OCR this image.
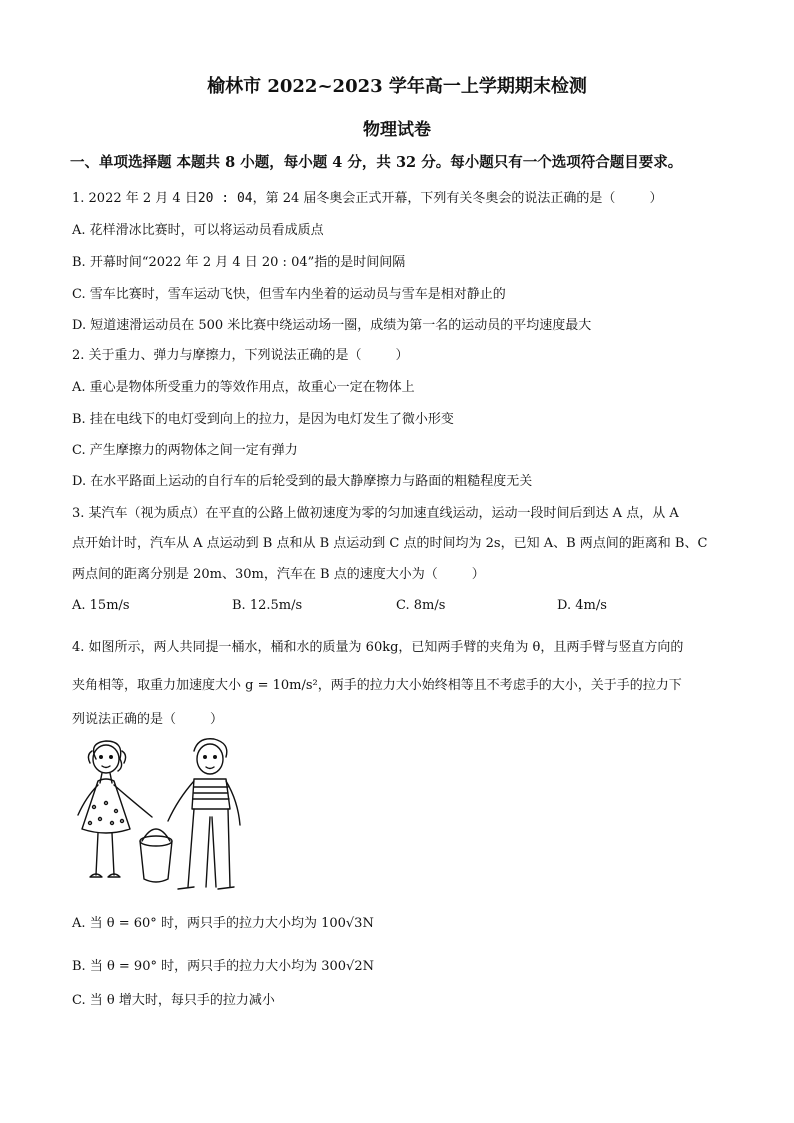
榆林市 2022~2023 学年高一上学期期末检测
物理试卷
一、单项选择题 本题共 8 小题，每小题 4 分，共 32 分。每小题只有一个选项符合题目要求。
1. 2022 年 2 月 4 日20 : 04，第 24 届冬奥会正式开幕，下列有关冬奥会的说法正确的是（	）
A. 花样滑冰比赛时，可以将运动员看成质点
B. 开幕时间“2022 年 2 月 4 日 20 : 04”指的是时间间隔
C. 雪车比赛时，雪车运动飞快，但雪车内坐着的运动员与雪车是相对静止的
D. 短道速滑运动员在 500 米比赛中绕运动场一圈，成绩为第一名的运动员的平均速度最大
2. 关于重力、弹力与摩擦力，下列说法正确的是（	）
A. 重心是物体所受重力的等效作用点，故重心一定在物体上
B. 挂在电线下的电灯受到向上的拉力，是因为电灯发生了微小形变
C. 产生摩擦力的两物体之间一定有弹力
D. 在水平路面上运动的自行车的后轮受到的最大静摩擦力与路面的粗糙程度无关
3. 某汽车（视为质点）在平直的公路上做初速度为零的匀加速直线运动，运动一段时间后到达 A 点，从 A
点开始计时，汽车从 A 点运动到 B 点和从 B 点运动到 C 点的时间均为 2s，已知 A、B 两点间的距离和 B、C
两点间的距离分别是 20m、30m，汽车在 B 点的速度大小为（	）
A. 15m/s	B. 12.5m/s	C. 8m/s	D. 4m/s
4. 如图所示，两人共同提一桶水，桶和水的质量为 60kg，已知两手臂的夹角为 θ，且两手臂与竖直方向的
夹角相等，取重力加速度大小 g = 10m/s²，两手的拉力大小始终相等且不考虑手的大小，关于手的拉力下
列说法正确的是（	）
A. 当 θ = 60° 时，两只手的拉力大小均为 100√3N
B. 当 θ = 90° 时，两只手的拉力大小均为 300√2N
C. 当 θ 增大时，每只手的拉力减小
